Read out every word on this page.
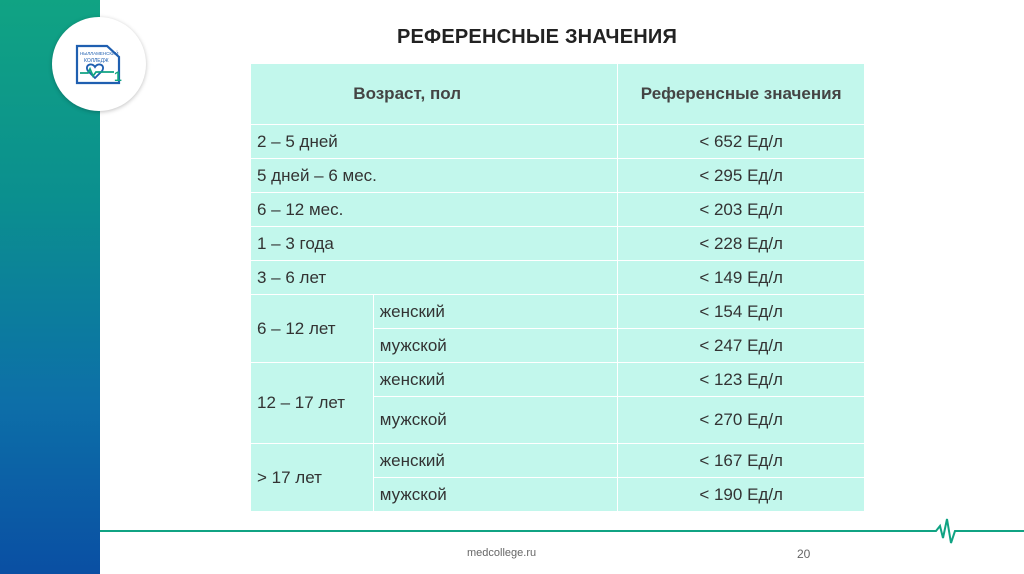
НЫЛЛАМЕНСКИЙ
КОЛЛЕДЖ
1
РЕФЕРЕНСНЫЕ ЗНАЧЕНИЯ
Возраст, пол		Референсные значения
2 – 5 дней		< 652 Ед/л
5 дней – 6 мес.		< 295 Ед/л
6 – 12 мес.		< 203 Ед/л
1 – 3 года		< 228 Ед/л
3 – 6 лет		< 149 Ед/л
6 – 12 лет	женский	< 154 Ед/л
	мужской	< 247 Ед/л
12 – 17 лет	женский	< 123 Ед/л
	мужской	< 270 Ед/л
> 17 лет	женский	< 167 Ед/л
	мужской	< 190 Ед/л
medcollege.ru	20
